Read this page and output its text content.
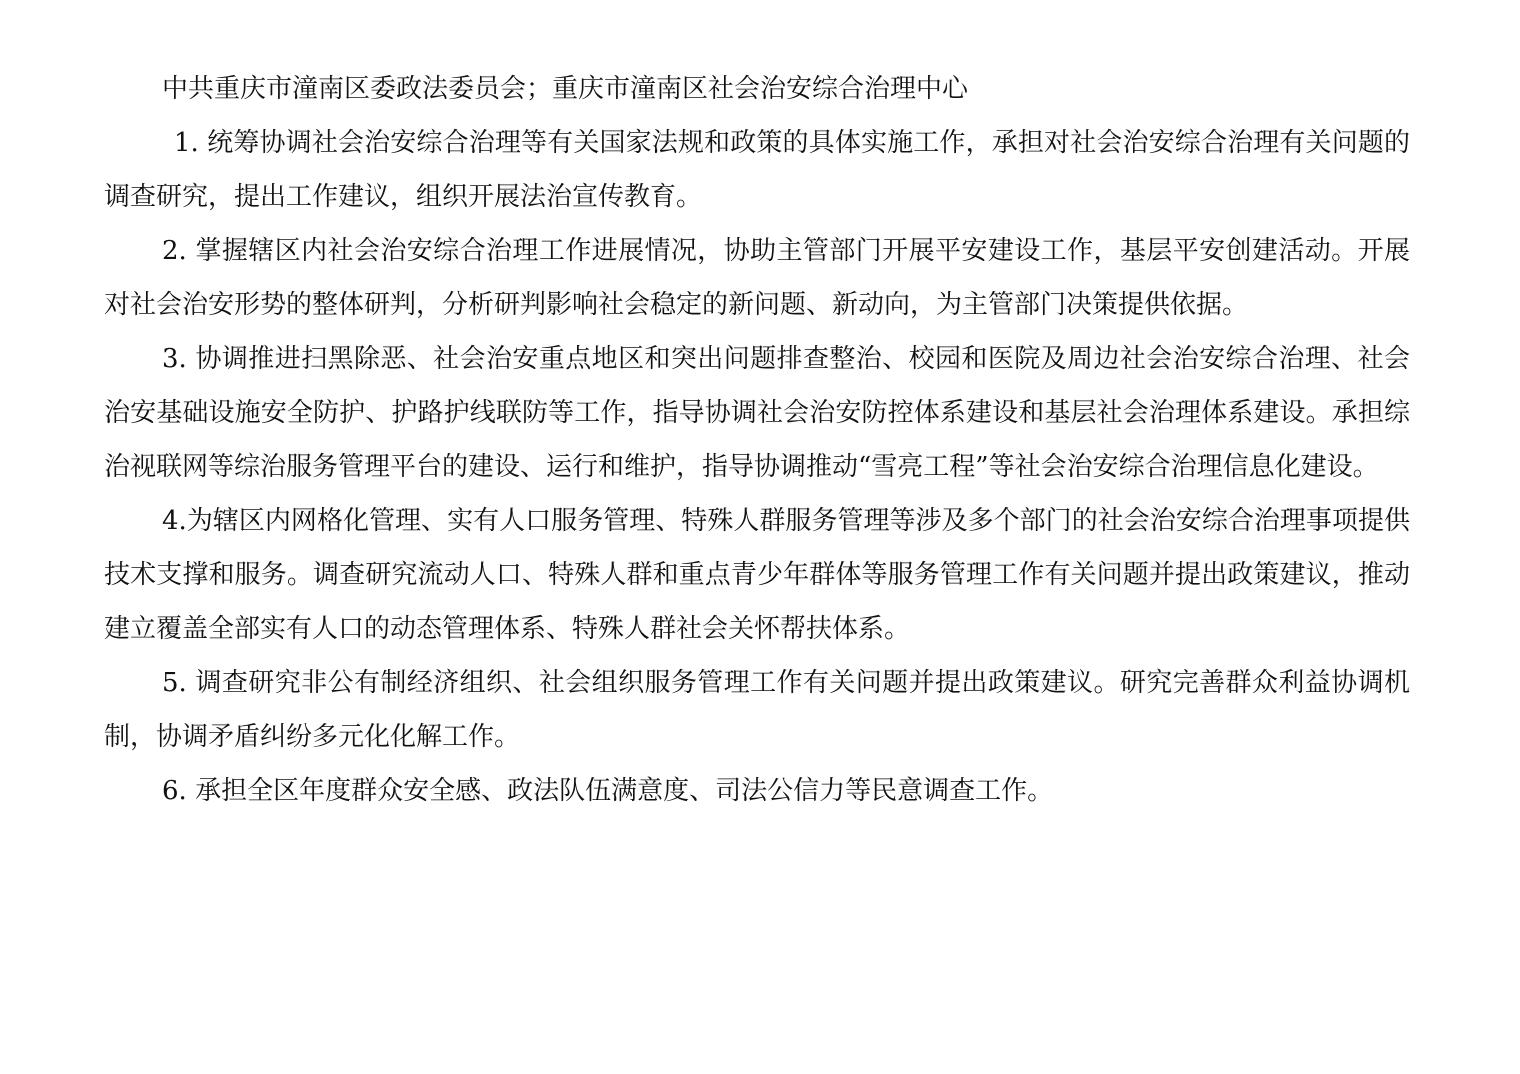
中共重庆市潼南区委政法委员会；重庆市潼南区社会治安综合治理中心

1. 统筹协调社会治安综合治理等有关国家法规和政策的具体实施工作，承担对社会治安综合治理有关问题的调查研究，提出工作建议，组织开展法治宣传教育。

2. 掌握辖区内社会治安综合治理工作进展情况，协助主管部门开展平安建设工作，基层平安创建活动。开展对社会治安形势的整体研判，分析研判影响社会稳定的新问题、新动向，为主管部门决策提供依据。

3. 协调推进扫黑除恶、社会治安重点地区和突出问题排查整治、校园和医院及周边社会治安综合治理、社会治安基础设施安全防护、护路护线联防等工作，指导协调社会治安防控体系建设和基层社会治理体系建设。承担综治视联网等综治服务管理平台的建设、运行和维护，指导协调推动“雪亮工程”等社会治安综合治理信息化建设。

4.为辖区内网格化管理、实有人口服务管理、特殊人群服务管理等涉及多个部门的社会治安综合治理事项提供技术支撑和服务。调查研究流动人口、特殊人群和重点青少年群体等服务管理工作有关问题并提出政策建议，推动建立覆盖全部实有人口的动态管理体系、特殊人群社会关怀帮扶体系。

5. 调查研究非公有制经济组织、社会组织服务管理工作有关问题并提出政策建议。研究完善群众利益协调机制，协调矛盾纠纷多元化化解工作。

6. 承担全区年度群众安全感、政法队伍满意度、司法公信力等民意调查工作。
